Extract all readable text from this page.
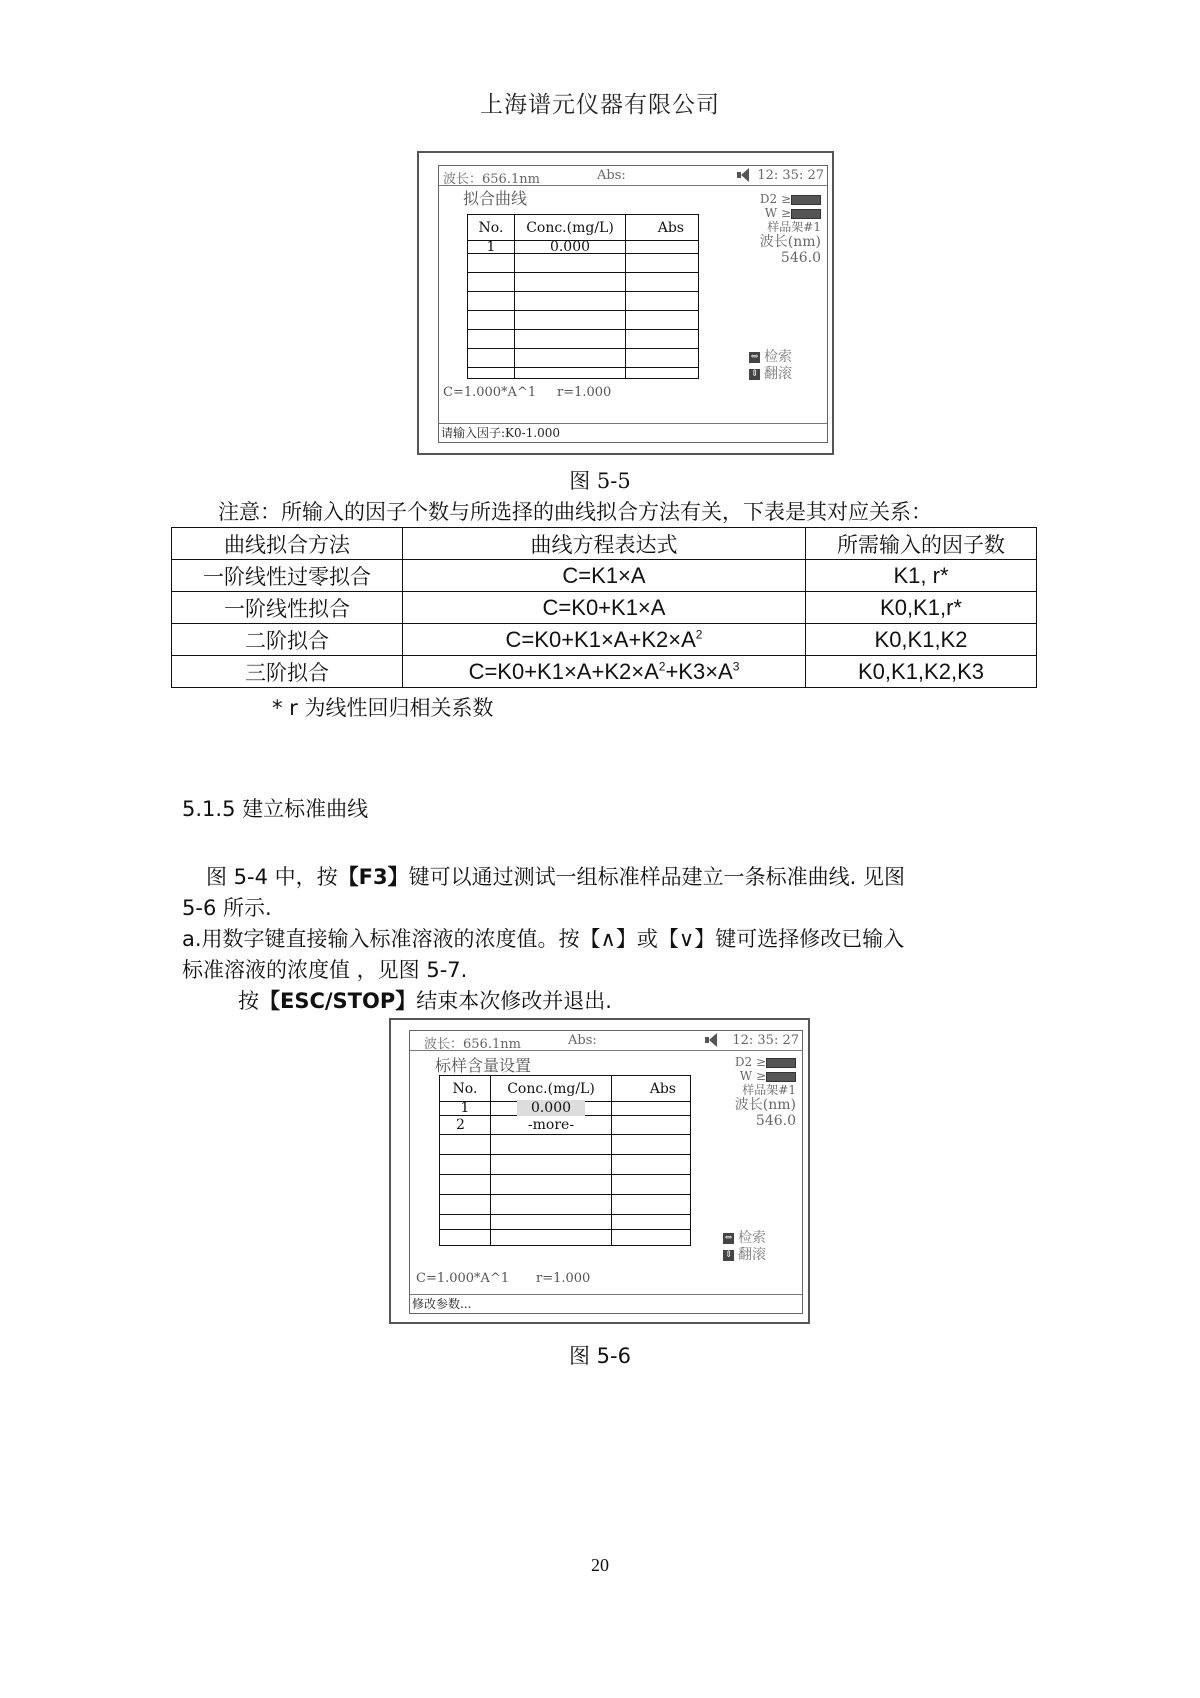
上海谱元仪器有限公司
波长：656.1nm	Abs:	12: 35: 27
拟合曲线
No.	Conc.(mg/L)	Abs
1	0.000	

D2 ≥
W ≥
样品架#1
波长(nm)
546.0
⇔ 检索
⇕ 翻滚
C=1.000*A^1 r=1.000
请输入因子:K0-1.000
图 5-5
注意：所输入的因子个数与所选择的曲线拟合方法有关，下表是其对应关系：
曲线拟合方法	曲线方程表达式	所需输入的因子数
一阶线性过零拟合	C=K1×A	K1, r*
一阶线性拟合	C=K0+K1×A	K0,K1,r*
二阶拟合	$C=K0+K1\times A+K2\times A^2$	K0,K1,K2
三阶拟合	$C=K0+K1\times A+K2\times A^2+K3\times A^3$	K0,K1,K2,K3
* r 为线性回归相关系数
5.1.5 建立标准曲线
图 5-4 中，按【F3】键可以通过测试一组标准样品建立一条标准曲线. 见图
5-6 所示.
a.用数字键直接输入标准溶液的浓度值。按【∧】或【∨】键可选择修改已输入
标准溶液的浓度值 ，见图 5-7.
按【ESC/STOP】结束本次修改并退出.
波长：656.1nm	Abs:	12: 35: 27
标样含量设置
No.	Conc.(mg/L)	Abs
1	0.000	
2	-more-	

D2 ≥
W ≥
样品架#1
波长(nm)
546.0
⇔ 检索
⇕ 翻滚
C=1.000*A^1 r=1.000
修改参数...
图 5-6
20
